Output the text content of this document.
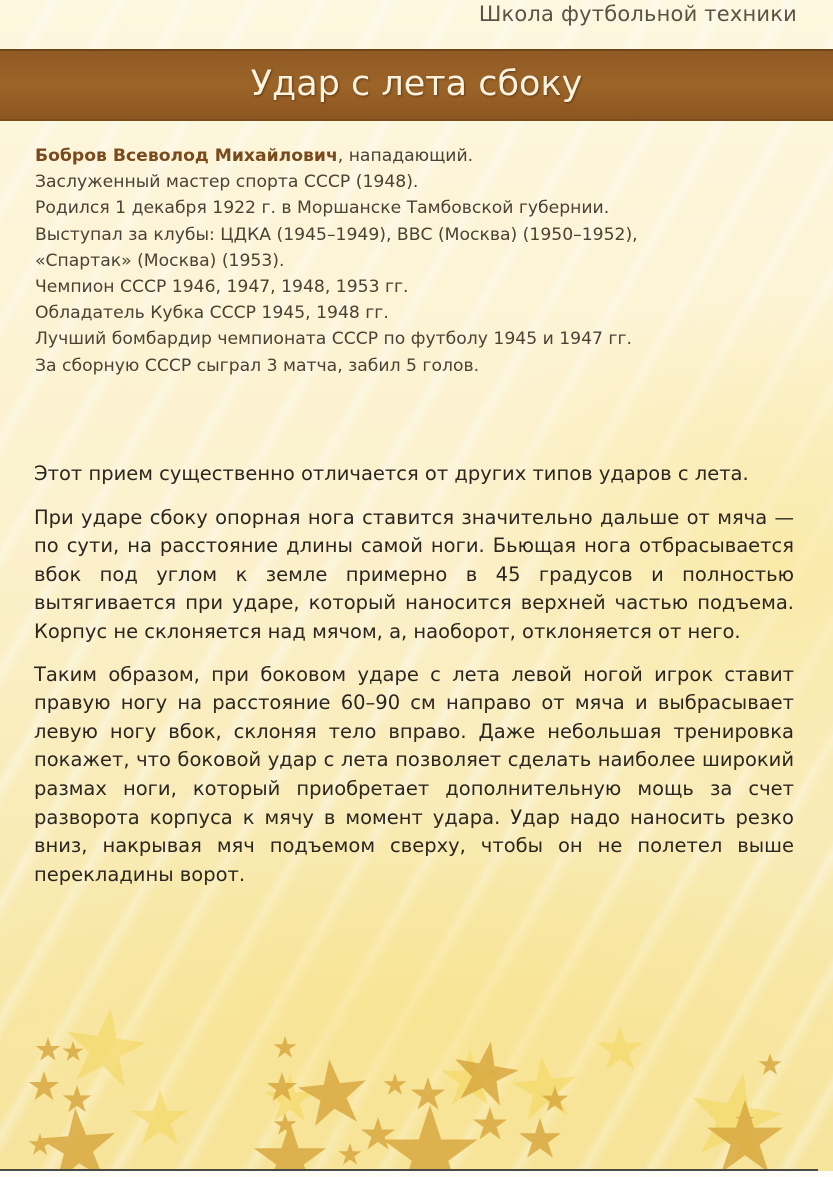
Школа футбольной техники
Удар с лета сбоку
Бобров Всеволод Михайлович, нападающий.
Заслуженный мастер спорта СССР (1948).
Родился 1 декабря 1922 г. в Моршанске Тамбовской губернии.
Выступал за клубы: ЦДКА (1945–1949), ВВС (Москва) (1950–1952),
«Спартак» (Москва) (1953).
Чемпион СССР 1946, 1947, 1948, 1953 гг.
Обладатель Кубка СССР 1945, 1948 гг.
Лучший бомбардир чемпионата СССР по футболу 1945 и 1947 гг.
За сборную СССР сыграл 3 матча, забил 5 голов.

Этот прием существенно отличается от других типов ударов с лета.

При ударе сбоку опорная нога ставится значительно дальше от мяча — по сути, на расстояние длины самой ноги. Бьющая нога отбрасывается вбок под углом к земле примерно в 45 градусов и полностью вытягивается при ударе, который наносится верхней частью подъема. Корпус не склоняется над мячом, а, наоборот, отклоняется от него.

Таким образом, при боковом ударе с лета левой ногой игрок ставит правую ногу на расстояние 60–90 см направо от мяча и выбрасывает левую ногу вбок, склоняя тело вправо. Даже небольшая тренировка покажет, что боковой удар с лета позволяет сделать наиболее широкий размах ноги, который приобретает дополнительную мощь за счет разворота корпуса к мячу в момент удара. Удар надо наносить резко вниз, накрывая мяч подъемом сверху, чтобы он не полетел выше перекладины ворот.
